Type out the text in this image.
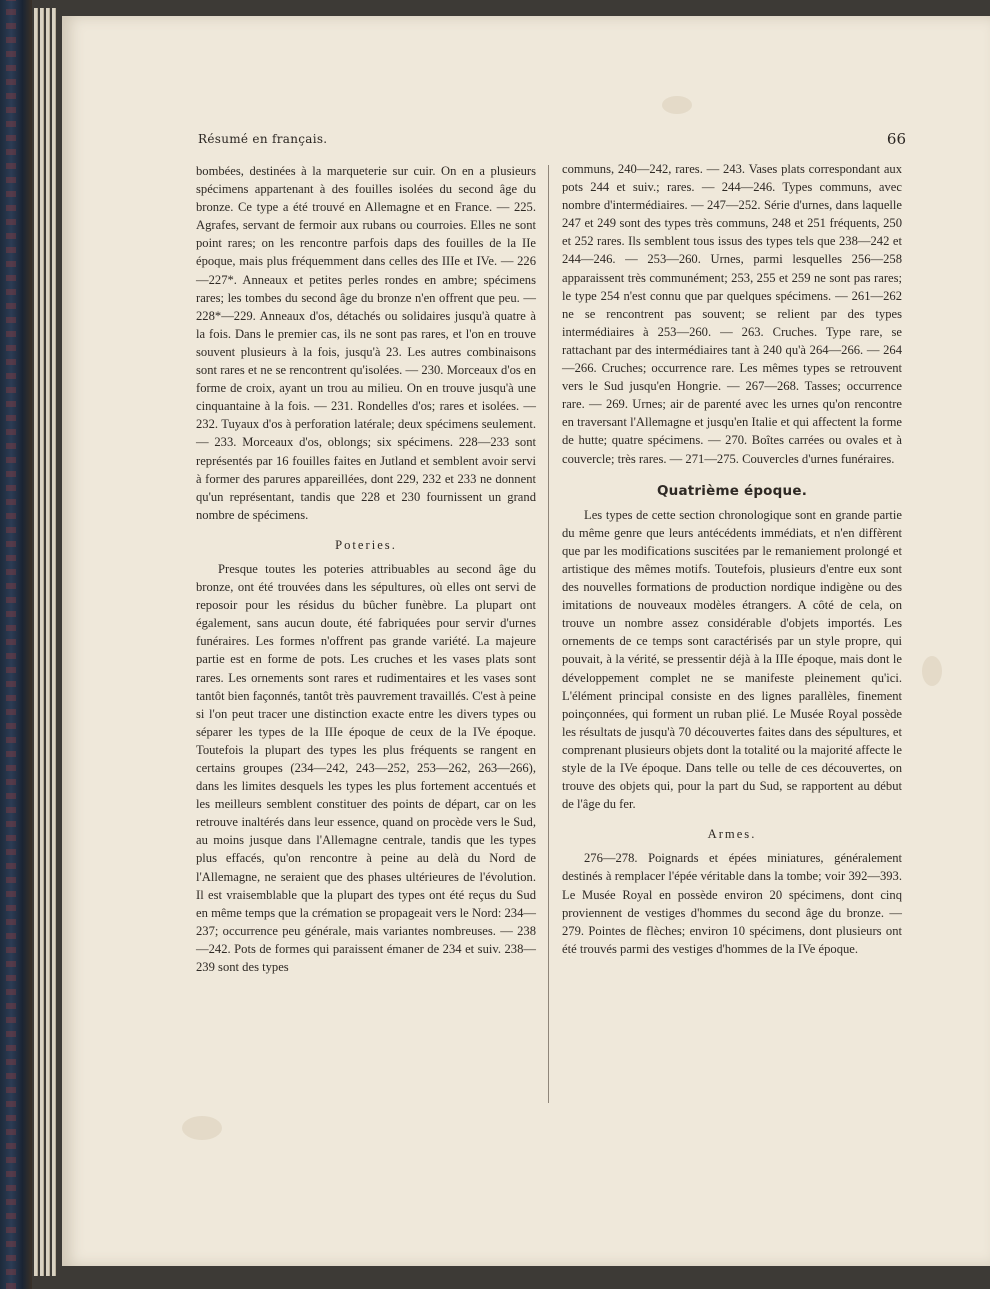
Résumé en français.	66

bombées, destinées à la marqueterie sur cuir. On en a plusieurs spécimens appartenant à des fouilles isolées du second âge du bronze. Ce type a été trouvé en Allemagne et en France. — 225. Agrafes, servant de fermoir aux rubans ou courroies. Elles ne sont point rares; on les rencontre parfois daps des fouilles de la IIe époque, mais plus fréquemment dans celles des IIIe et IVe. — 226—227*. Anneaux et petites perles rondes en ambre; spécimens rares; les tombes du second âge du bronze n'en offrent que peu. — 228*—229. Anneaux d'os, détachés ou solidaires jusqu'à quatre à la fois. Dans le premier cas, ils ne sont pas rares, et l'on en trouve souvent plusieurs à la fois, jusqu'à 23. Les autres combinaisons sont rares et ne se rencontrent qu'isolées. — 230. Morceaux d'os en forme de croix, ayant un trou au milieu. On en trouve jusqu'à une cinquantaine à la fois. — 231. Rondelles d'os; rares et isolées. — 232. Tuyaux d'os à perforation latérale; deux spécimens seulement. — 233. Morceaux d'os, oblongs; six spécimens. 228—233 sont représentés par 16 fouilles faites en Jutland et semblent avoir servi à former des parures appareillées, dont 229, 232 et 233 ne donnent qu'un représentant, tandis que 228 et 230 fournissent un grand nombre de spécimens.

Poteries.

Presque toutes les poteries attribuables au second âge du bronze, ont été trouvées dans les sépultures, où elles ont servi de reposoir pour les résidus du bûcher funèbre. La plupart ont également, sans aucun doute, été fabriquées pour servir d'urnes funéraires. Les formes n'offrent pas grande variété. La majeure partie est en forme de pots. Les cruches et les vases plats sont rares. Les ornements sont rares et rudimentaires et les vases sont tantôt bien façonnés, tantôt très pauvrement travaillés. C'est à peine si l'on peut tracer une distinction exacte entre les divers types ou séparer les types de la IIIe époque de ceux de la IVe époque. Toutefois la plupart des types les plus fréquents se rangent en certains groupes (234—242, 243—252, 253—262, 263—266), dans les limites desquels les types les plus fortement accentués et les meilleurs semblent constituer des points de départ, car on les retrouve inaltérés dans leur essence, quand on procède vers le Sud, au moins jusque dans l'Allemagne centrale, tandis que les types plus effacés, qu'on rencontre à peine au delà du Nord de l'Allemagne, ne seraient que des phases ultérieures de l'évolution. Il est vraisemblable que la plupart des types ont été reçus du Sud en même temps que la crémation se propageait vers le Nord: 234—237; occurrence peu générale, mais variantes nombreuses. — 238—242. Pots de formes qui paraissent émaner de 234 et suiv. 238—239 sont des types

communs, 240—242, rares. — 243. Vases plats correspondant aux pots 244 et suiv.; rares. — 244—246. Types communs, avec nombre d'intermédiaires. — 247—252. Série d'urnes, dans laquelle 247 et 249 sont des types très communs, 248 et 251 fréquents, 250 et 252 rares. Ils semblent tous issus des types tels que 238—242 et 244—246. — 253—260. Urnes, parmi lesquelles 256—258 apparaissent très communément; 253, 255 et 259 ne sont pas rares; le type 254 n'est connu que par quelques spécimens. — 261—262 ne se rencontrent pas souvent; se relient par des types intermédiaires à 253—260. — 263. Cruches. Type rare, se rattachant par des intermédiaires tant à 240 qu'à 264—266. — 264—266. Cruches; occurrence rare. Les mêmes types se retrouvent vers le Sud jusqu'en Hongrie. — 267—268. Tasses; occurrence rare. — 269. Urnes; air de parenté avec les urnes qu'on rencontre en traversant l'Allemagne et jusqu'en Italie et qui affectent la forme de hutte; quatre spécimens. — 270. Boîtes carrées ou ovales et à couvercle; très rares. — 271—275. Couvercles d'urnes funéraires.

Quatrième époque.

Les types de cette section chronologique sont en grande partie du même genre que leurs antécédents immédiats, et n'en diffèrent que par les modifications suscitées par le remaniement prolongé et artistique des mêmes motifs. Toutefois, plusieurs d'entre eux sont des nouvelles formations de production nordique indigène ou des imitations de nouveaux modèles étrangers. A côté de cela, on trouve un nombre assez considérable d'objets importés. Les ornements de ce temps sont caractérisés par un style propre, qui pouvait, à la vérité, se pressentir déjà à la IIIe époque, mais dont le développement complet ne se manifeste pleinement qu'ici. L'élément principal consiste en des lignes parallèles, finement poinçonnées, qui forment un ruban plié. Le Musée Royal possède les résultats de jusqu'à 70 découvertes faites dans des sépultures, et comprenant plusieurs objets dont la totalité ou la majorité affecte le style de la IVe époque. Dans telle ou telle de ces découvertes, on trouve des objets qui, pour la part du Sud, se rapportent au début de l'âge du fer.

Armes.

276—278. Poignards et épées miniatures, généralement destinés à remplacer l'épée véritable dans la tombe; voir 392—393. Le Musée Royal en possède environ 20 spécimens, dont cinq proviennent de vestiges d'hommes du second âge du bronze. — 279. Pointes de flèches; environ 10 spécimens, dont plusieurs ont été trouvés parmi des vestiges d'hommes de la IVe époque.
